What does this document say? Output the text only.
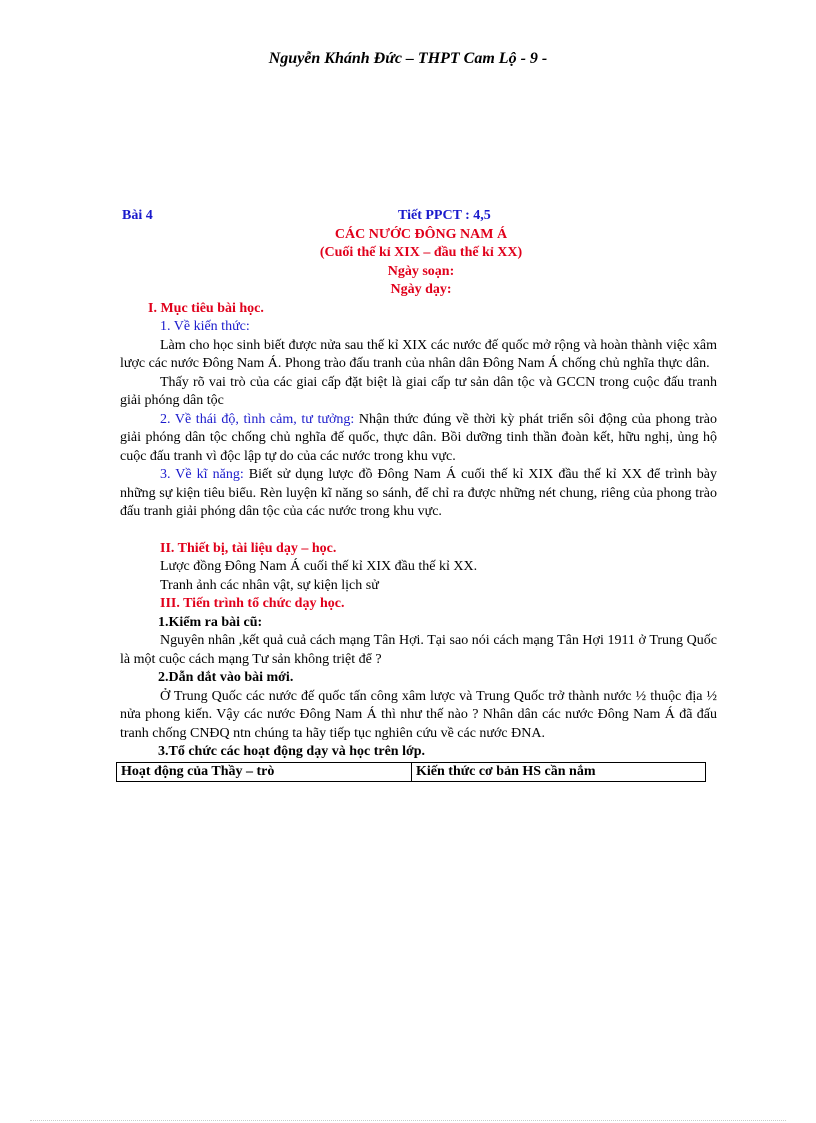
Nguyễn Khánh Đức – THPT Cam Lộ - 9 -
Bài 4	Tiết PPCT : 4,5
CÁC NƯỚC ĐÔNG NAM Á
(Cuối thế kỉ XIX – đầu thế kỉ XX)
Ngày soạn:
Ngày dạy:
I. Mục tiêu bài học.
1. Về kiến thức:

Làm cho học sinh biết được nửa sau thế kỉ XIX các nước đế quốc mở rộng và hoàn thành việc xâm lược các nước Đông Nam Á. Phong trào đấu tranh của nhân dân Đông Nam Á chống chủ nghĩa thực dân.

Thấy rõ vai trò của các giai cấp đặt biệt là giai cấp tư sản dân tộc và GCCN trong cuộc đấu tranh giải phóng dân tộc

2. Về thái độ, tình cảm, tư tưởng: Nhận thức đúng về thời kỳ phát triển sôi động của phong trào giải phóng dân tộc chống chủ nghĩa đế quốc, thực dân. Bồi dưỡng tinh thần đoàn kết, hữu nghị, ủng hộ cuộc đấu tranh vì độc lập tự do của các nước trong khu vực.

3. Về kĩ năng: Biết sử dụng lược đồ Đông Nam Á cuối thế kỉ XIX đầu thế kỉ XX để trình bày những sự kiện tiêu biểu. Rèn luyện kĩ năng so sánh, để chỉ ra được những nét chung, riêng của phong trào đấu tranh giải phóng dân tộc của các nước trong khu vực.

II. Thiết bị, tài liệu dạy – học.
Lược đồng Đông Nam Á cuối thế kỉ XIX đầu thế kỉ XX.
Tranh ảnh các nhân vật, sự kiện lịch sử
III. Tiến trình tổ chức dạy học.
1.Kiểm ra bài cũ:

Nguyên nhân ,kết quả cuả cách mạng Tân Hợi. Tại sao nói cách mạng Tân Hợi 1911 ở Trung Quốc là một cuộc cách mạng Tư sản không triệt để ?

2.Dẫn dắt vào bài mới.

Ở Trung Quốc các nước đế quốc tấn công xâm lược và Trung Quốc trở thành nước ½ thuộc địa ½ nửa phong kiến. Vậy các nước Đông Nam Á thì như thế nào ? Nhân dân các nước Đông Nam Á đã đấu tranh chống CNĐQ ntn chúng ta hãy tiếp tục nghiên cứu về các nước ĐNA.

3.Tổ chức các hoạt động dạy và học trên lớp.
Hoạt động của Thầy – trò	Kiến thức cơ bản HS cần nắm
